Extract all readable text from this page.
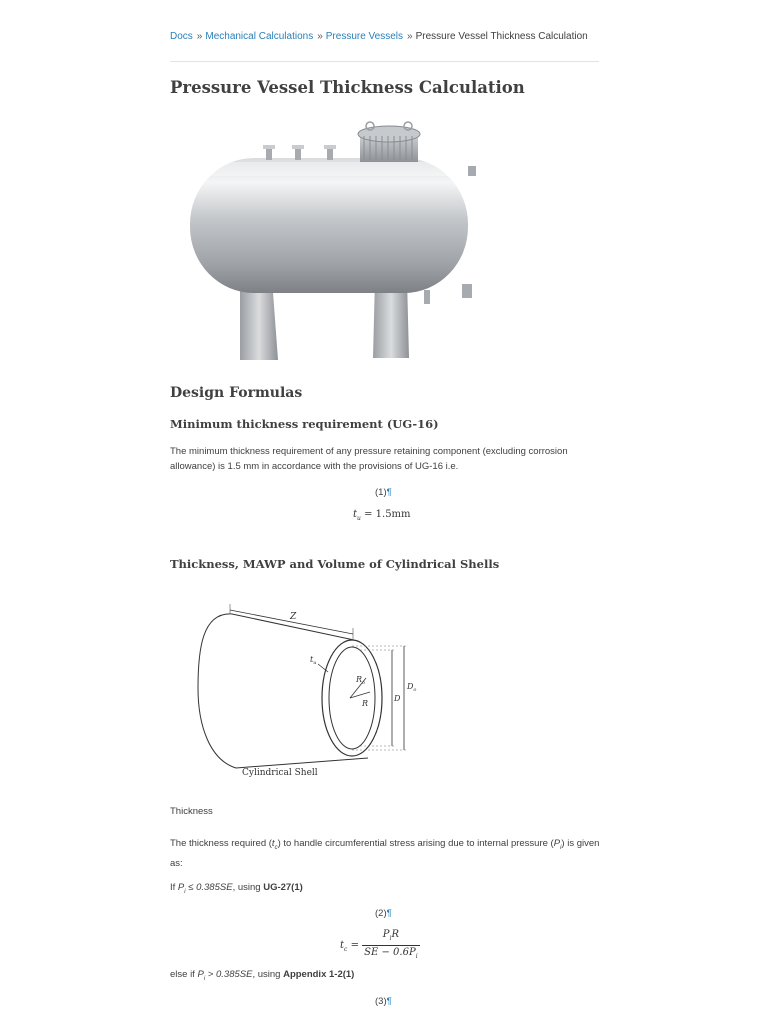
Docs » Mechanical Calculations » Pressure Vessels » Pressure Vessel Thickness Calculation
Pressure Vessel Thickness Calculation
Design Formulas
Minimum thickness requirement (UG-16)

The minimum thickness requirement of any pressure retaining component (excluding corrosion allowance) is 1.5 mm in accordance with the provisions of UG-16 i.e.

(1)¶
$t_u = 1.5mm$
Thickness, MAWP and Volume of Cylindrical Shells
Z
$t_u$
$R_o$
R
D
$D_o$
Cylindrical Shell
Thickness

The thickness required $(t_c)$ to handle circumferential stress arising due to internal pressure $(P_i)$ is given as:

If $P_i \le 0.385SE$, using UG-27(1)

(2)¶
$t_c = \frac{P_iR}{SE - 0.6P_i}$

else if $P_i > 0.385SE$, using Appendix 1-2(1)

(3)¶
